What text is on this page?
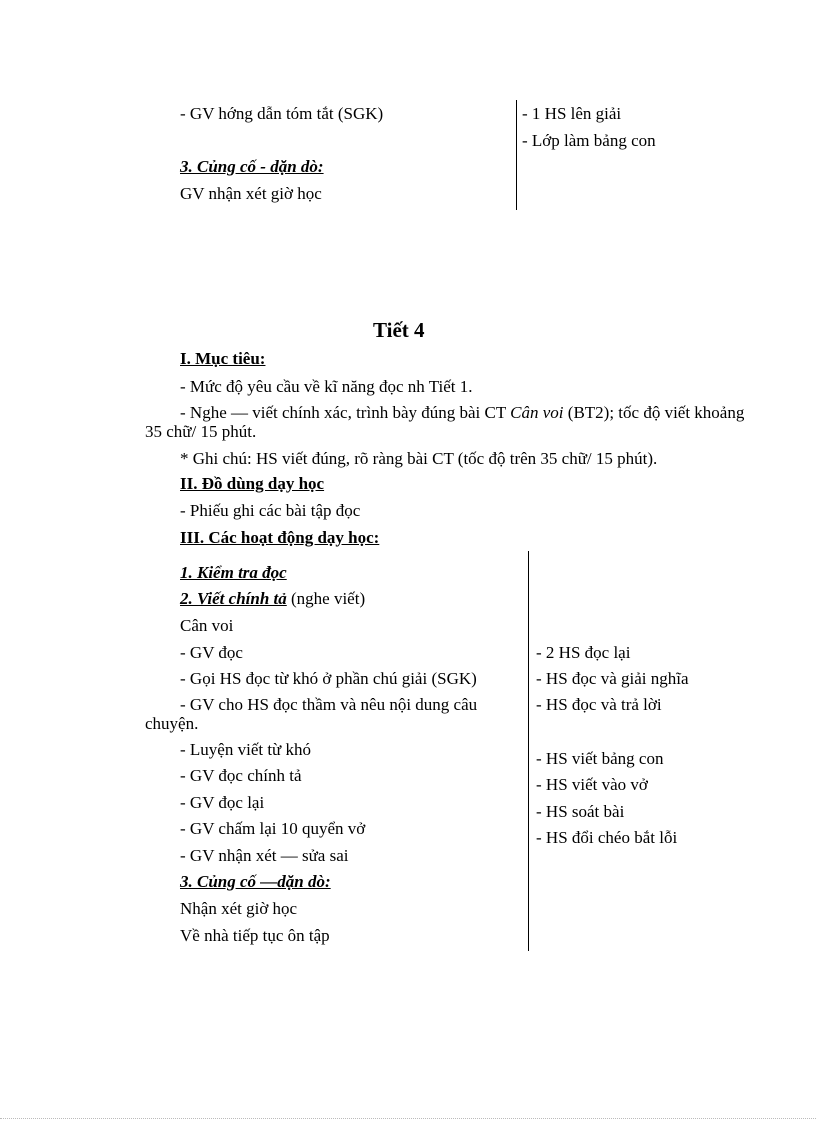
- GV hớng dẫn tóm tắt (SGK)	- 1 HS lên giải
- Lớp làm bảng con
3. Củng cố - dặn dò:
GV nhận xét giờ học
Tiết 4
I. Mục tiêu:
- Mức độ yêu cầu về kĩ năng đọc nh Tiết 1.
- Nghe — viết chính xác, trình bày đúng bài CT Cân voi (BT2); tốc độ viết khoảng
35 chữ/ 15 phút.
* Ghi chú: HS viết đúng, rõ ràng bài CT (tốc độ trên 35 chữ/ 15 phút).
II. Đồ dùng dạy học
- Phiếu ghi các bài tập đọc
III. Các hoạt động dạy học:
1. Kiểm tra đọc
2. Viết chính tả (nghe viết)
Cân voi
- GV đọc
- Gọi HS đọc từ khó ở phần chú giải (SGK)
- GV cho HS đọc thầm và nêu nội dung câu
chuyện.
- Luyện viết từ khó
- GV đọc chính tả
- GV đọc lại
- GV chấm lại 10 quyển vở
- GV nhận xét — sửa sai
- 2 HS đọc lại
- HS đọc và giải nghĩa
- HS đọc và trả lời
- HS viết bảng con
- HS viết vào vở
- HS soát bài
- HS đổi chéo bắt lỗi
3. Củng cố —dặn dò:
Nhận xét giờ học
Về nhà tiếp tục ôn tập
